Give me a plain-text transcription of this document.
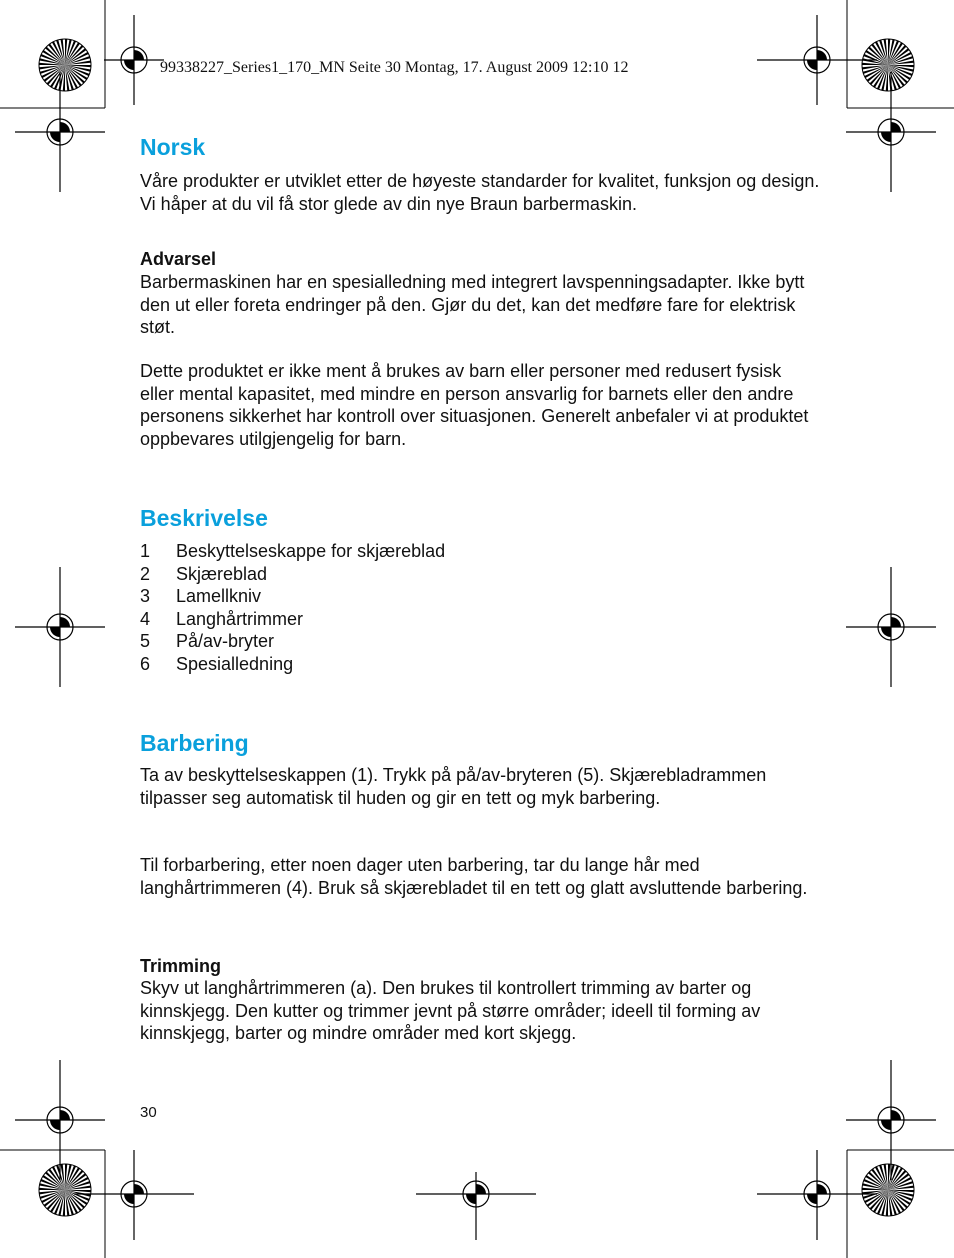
99338227_Series1_170_MN Seite 30 Montag, 17. August 2009 12:10 12
Norsk

Våre produkter er utviklet etter de høyeste standarder for kvalitet, funksjon og design. Vi håper at du vil få stor glede av din nye Braun barbermaskin.

Advarsel

Barbermaskinen har en spesialledning med integrert lavspenningsadapter. Ikke bytt den ut eller foreta endringer på den. Gjør du det, kan det medføre fare for elektrisk støt.

Dette produktet er ikke ment å brukes av barn eller personer med redusert fysisk eller mental kapasitet, med mindre en person ansvarlig for barnets eller den andre personens sikkerhet har kontroll over situasjonen. Generelt anbefaler vi at produktet oppbevares utilgjengelig for barn.

Beskrivelse
1 Beskyttelseskappe for skjæreblad
2 Skjæreblad
3 Lamellkniv
4 Langhårtrimmer
5 På/av-bryter
6 Spesialledning
Barbering

Ta av beskyttelseskappen (1). Trykk på på/av-bryteren (5). Skjærebladrammen tilpasser seg automatisk til huden og gir en tett og myk barbering.

Til forbarbering, etter noen dager uten barbering, tar du lange hår med langhårtrimmeren (4). Bruk så skjærebladet til en tett og glatt avsluttende barbering.

Trimming

Skyv ut langhårtrimmeren (a). Den brukes til kontrollert trimming av barter og kinnskjegg. Den kutter og trimmer jevnt på større områder; ideell til forming av kinnskjegg, barter og mindre områder med kort skjegg.

30
